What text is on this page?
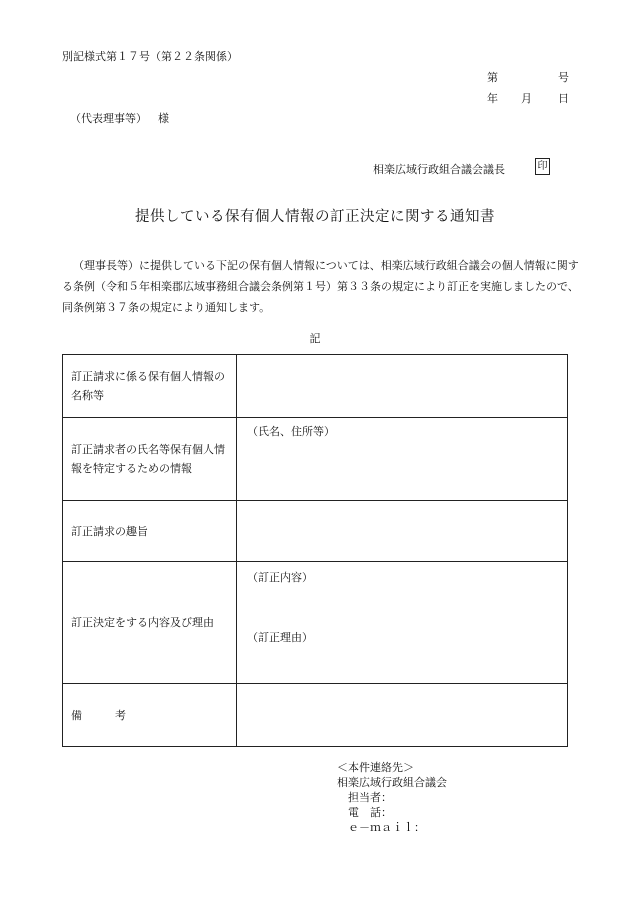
別記様式第１７号（第２２条関係）
第	号
年 月 日
（代表理事等） 様
相楽広域行政組合議会議長	印
提供している保有個人情報の訂正決定に関する通知書
（理事長等）に提供している下記の保有個人情報については、相楽広域行政組合議会の個人情報に関する条例（令和５年相楽郡広域事務組合議会条例第１号）第３３条の規定により訂正を実施しましたので、同条例第３７条の規定により通知します。
記
訂正請求に係る保有個人情報の名称等	
訂正請求者の氏名等保有個人情報を特定するための情報	（氏名、住所等）

訂正請求の趣旨	
訂正決定をする内容及び理由	（訂正内容）
（訂正理由）

備　　　考	
＜本件連絡先＞
相楽広域行政組合議会
　担当者：
　電　話：
　ｅ－ｍａｉｌ：
